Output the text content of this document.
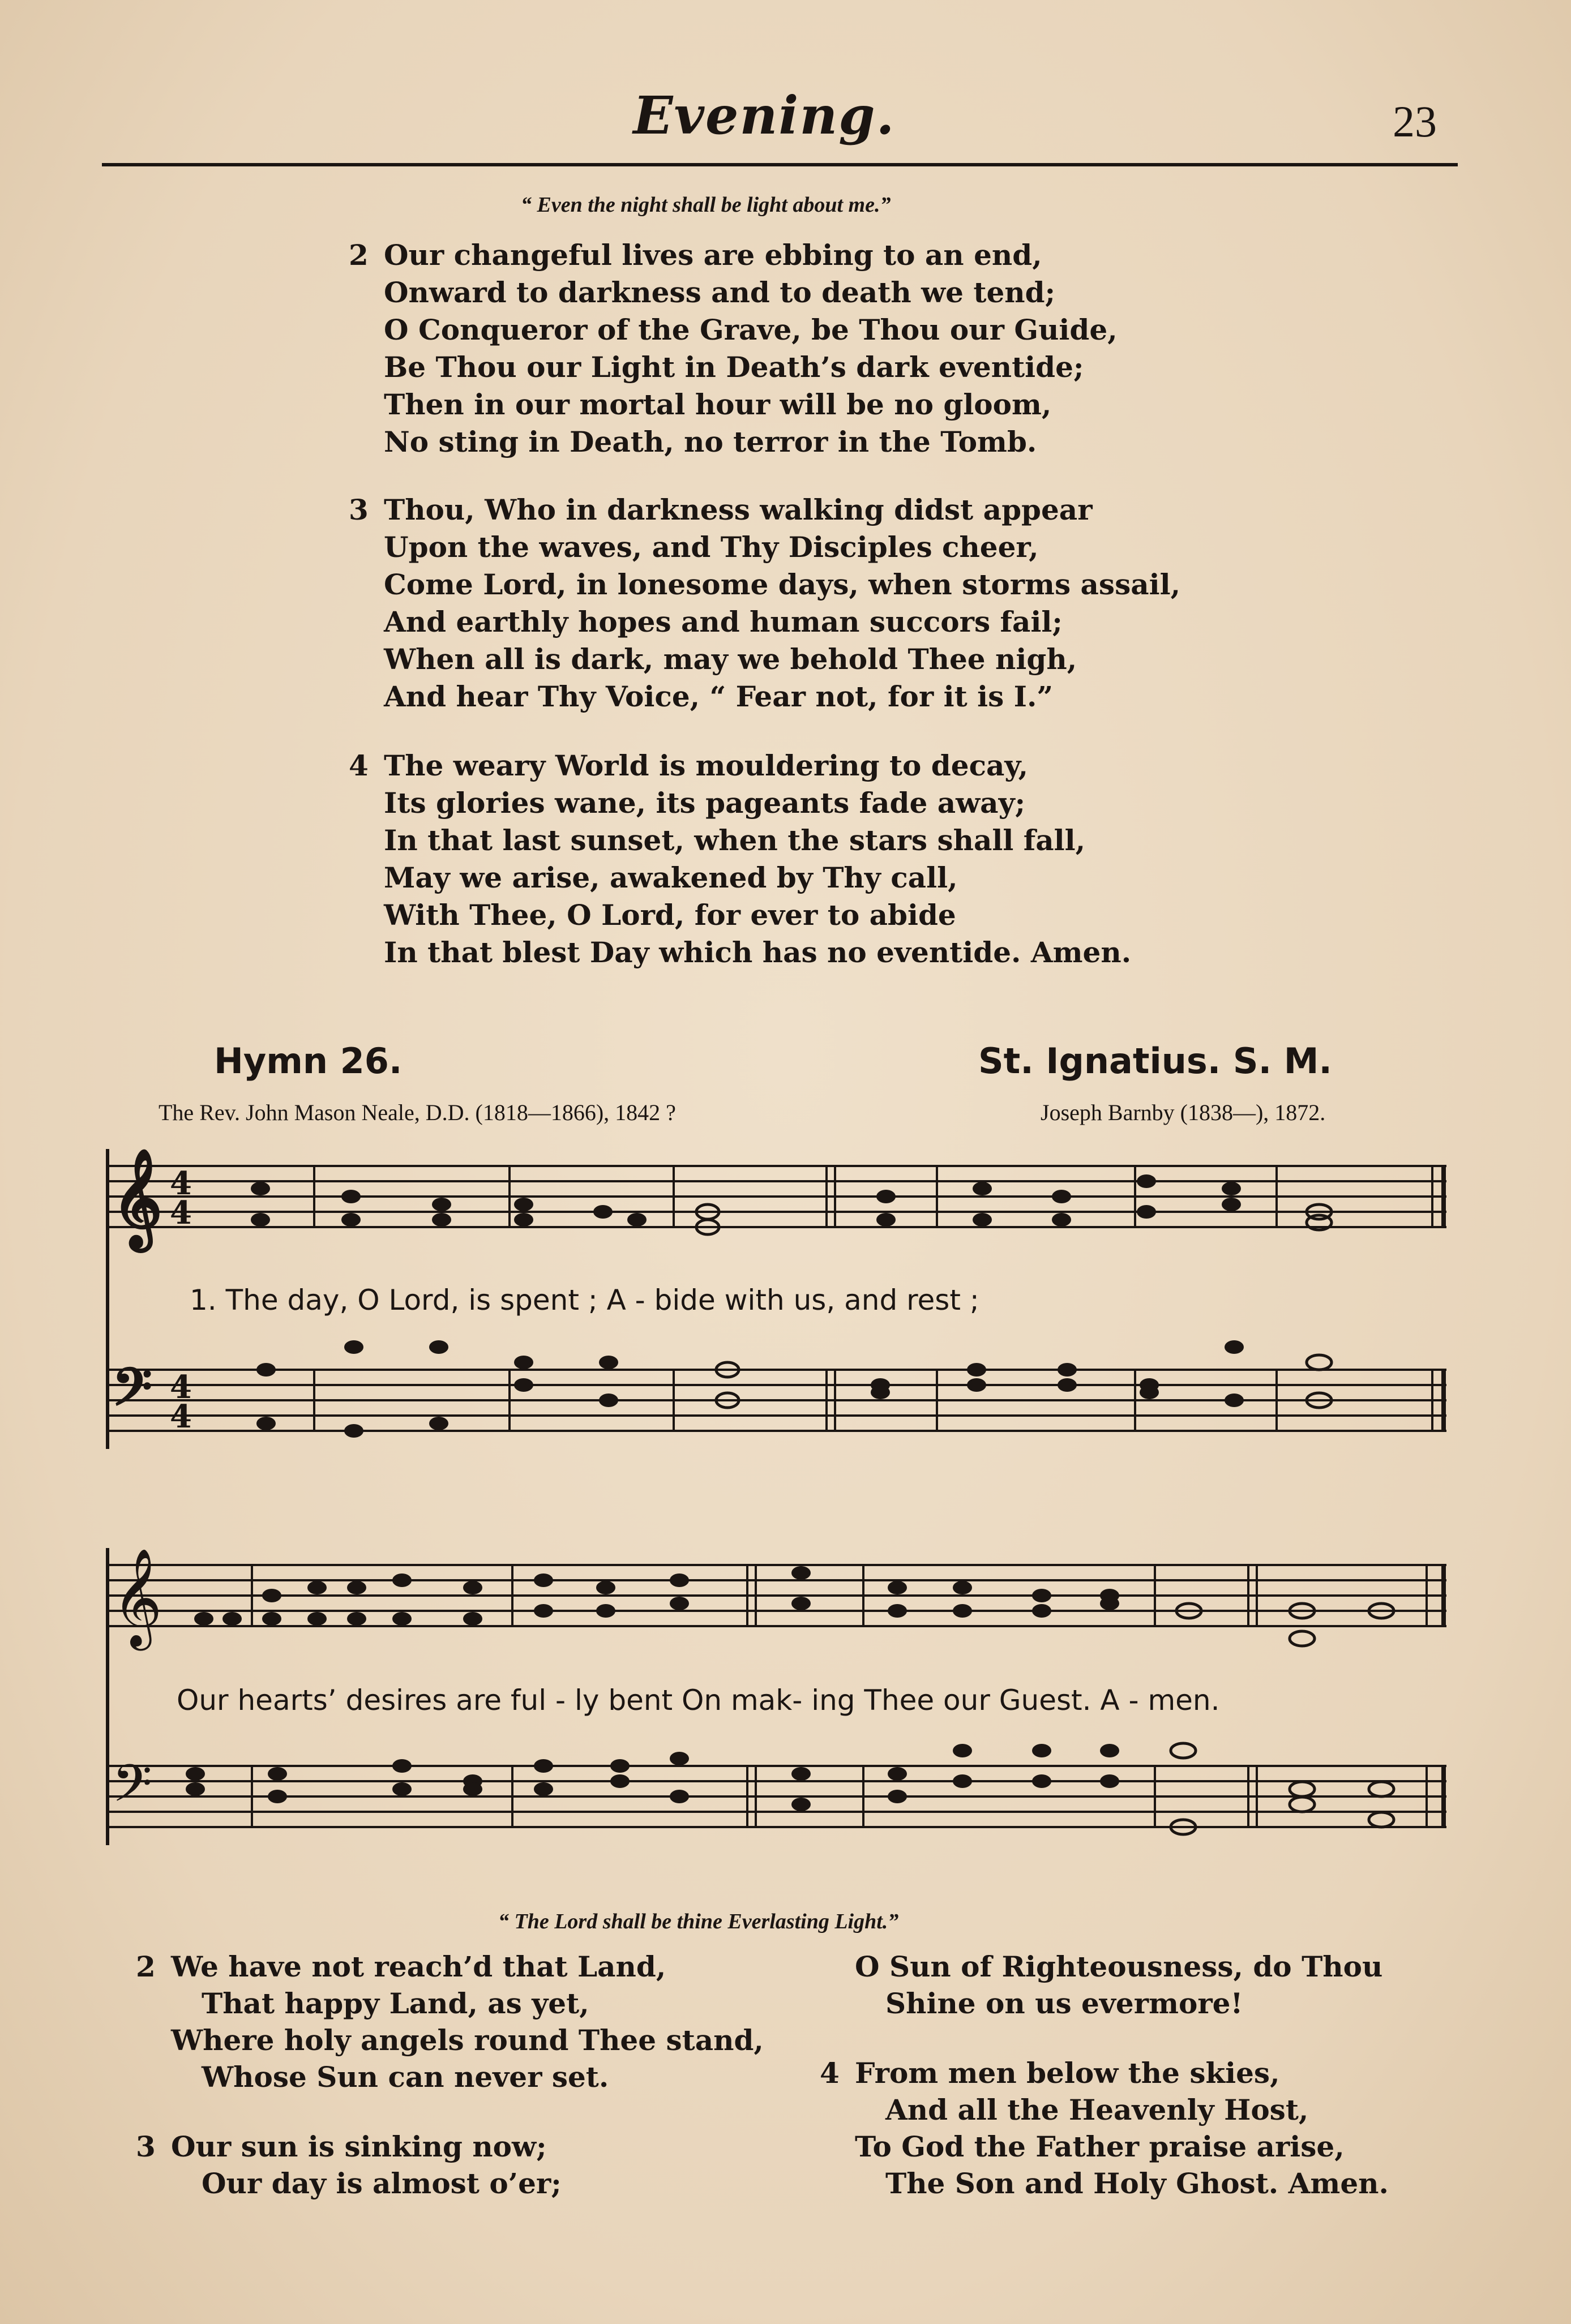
Evening.	23
“ Even the night shall be light about me.”
2 Our changeful lives are ebbing to an end,
Onward to darkness and to death we tend;
O Conqueror of the Grave, be Thou our Guide,
Be Thou our Light in Death’s dark eventide;
Then in our mortal hour will be no gloom,
No sting in Death, no terror in the Tomb.
3 Thou, Who in darkness walking didst appear
Upon the waves, and Thy Disciples cheer,
Come Lord, in lonesome days, when storms assail,
And earthly hopes and human succors fail;
When all is dark, may we behold Thee nigh,
And hear Thy Voice, “ Fear not, for it is I.”
4 The weary World is mouldering to decay,
Its glories wane, its pageants fade away;
In that last sunset, when the stars shall fall,
May we arise, awakened by Thy call,
With Thee, O Lord, for ever to abide
In that blest Day which has no eventide. Amen.
Hymn 26.	St. Ignatius. S. M.
The Rev. John Mason Neale, D.D. (1818—1866), 1842 ?	Joseph Barnby (1838—), 1872.
𝄞
𝄢
4
4
4
4
𝄞
𝄢
1. The day, O Lord, is spent ; A - bide with us, and rest ;
Our hearts’ desires are ful - ly bent On mak- ing Thee our Guest. A - men.
“ The Lord shall be thine Everlasting Light.”
2 We have not reach’d that Land,
That happy Land, as yet,
Where holy angels round Thee stand,
Whose Sun can never set.
3 Our sun is sinking now;
Our day is almost o’er;
O Sun of Righteousness, do Thou
Shine on us evermore!
4 From men below the skies,
And all the Heavenly Host,
To God the Father praise arise,
The Son and Holy Ghost. Amen.
